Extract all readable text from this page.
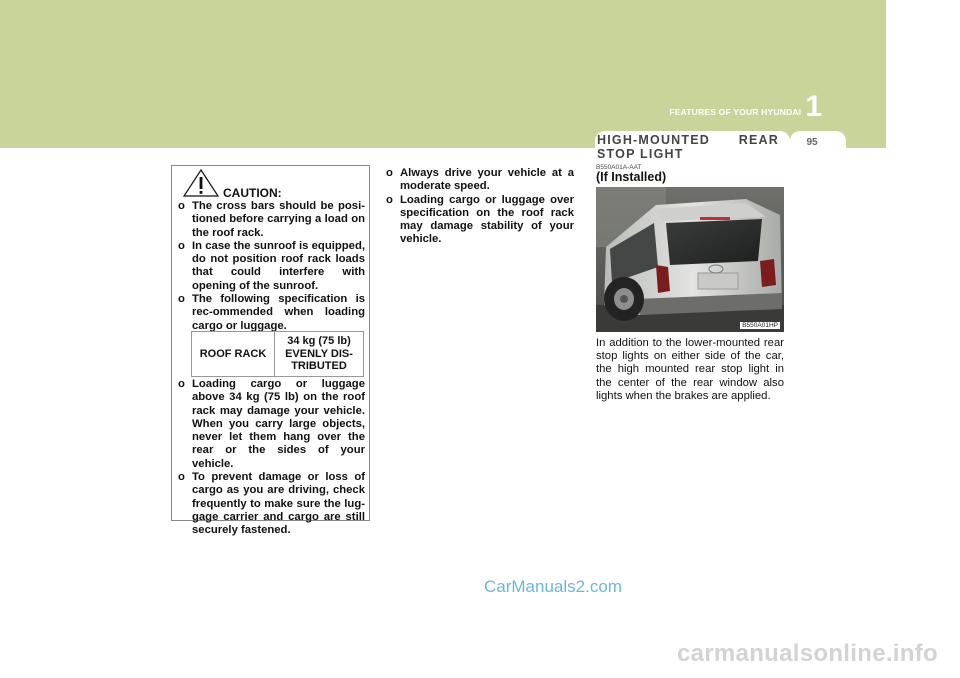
FEATURES OF YOUR HYUNDAI 1
95
HIGH-MOUNTED REAR
STOP LIGHT
CAUTION:
o The cross bars should be posi-tioned before carrying a load on the roof rack.
o In case the sunroof is equipped, do not position roof rack loads that could interfere with opening of the sunroof.
o The following specification is rec-ommended when loading cargo or luggage.
ROOF RACK
34 kg (75 lb) EVENLY DIS-TRIBUTED
o Loading cargo or luggage above 34 kg (75 lb) on the roof rack may damage your vehicle. When you carry large objects, never let them hang over the rear or the sides of your vehicle.
o To prevent damage or loss of cargo as you are driving, check frequently to make sure the lug-gage carrier and cargo are still securely fastened.
o Always drive your vehicle at a moderate speed.
o Loading cargo or luggage over specification on the roof rack may damage stability of your vehicle.
B550A01A-AAT
(If Installed)
B550A01HP
In addition to the lower-mounted rear stop lights on either side of the car, the high mounted rear stop light in the center of the rear window also lights when the brakes are applied.
CarManuals2.com
carmanualsonline.info
